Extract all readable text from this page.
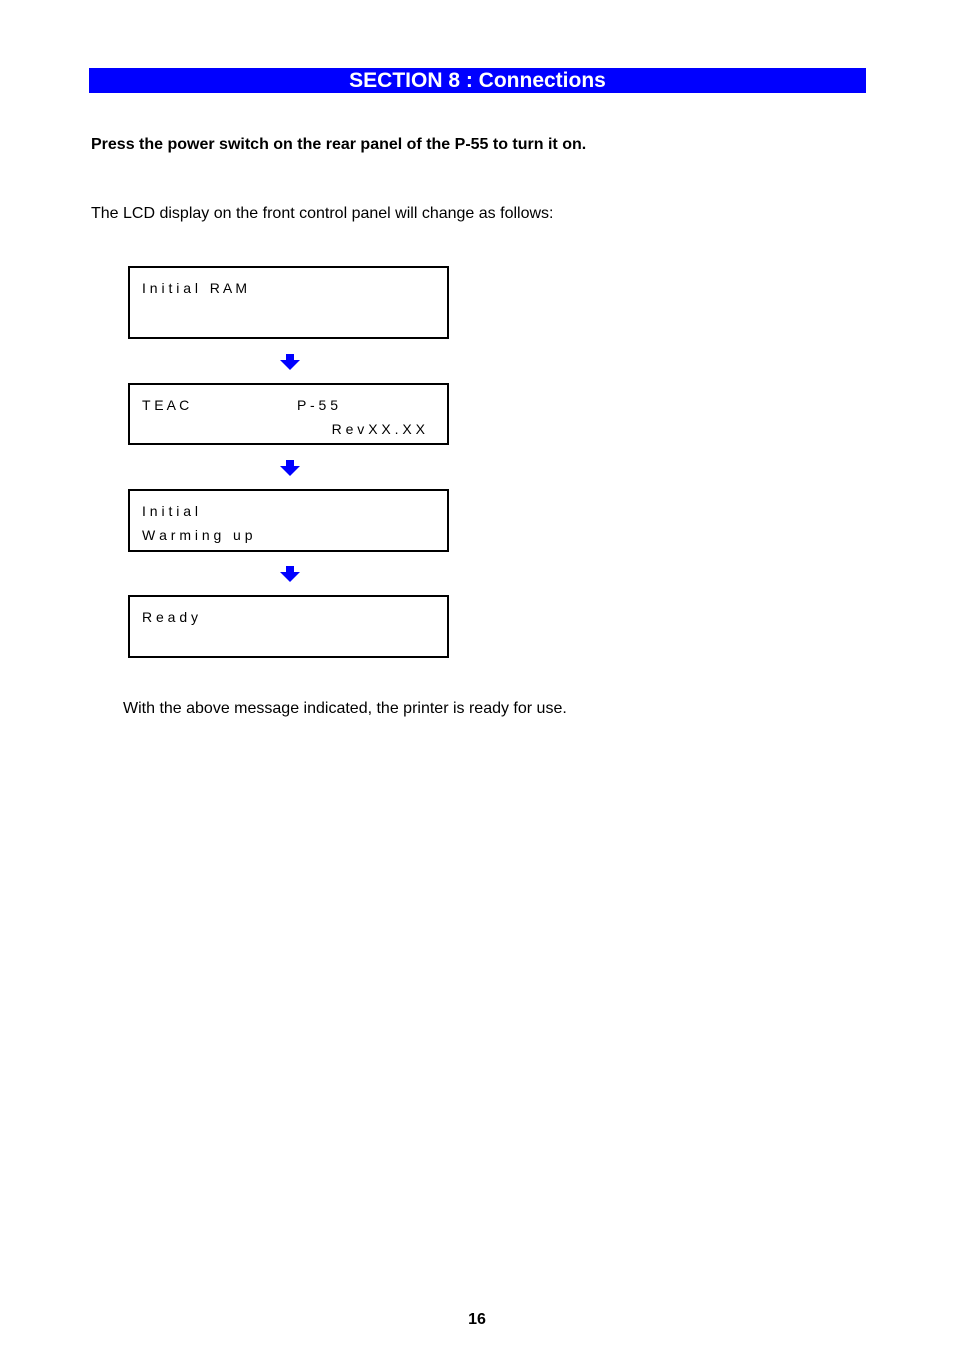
SECTION 8 : Connections
Press the power switch on the rear panel of the P-55 to turn it on.
The LCD display on the front control panel will change as follows:
I n i t i a l   R A M
T E A C	P - 5 5
R e v X X . X X
I n i t i a l
W a r m i n g   u p
R e a d y
With the above message indicated, the printer is ready for use.
16
